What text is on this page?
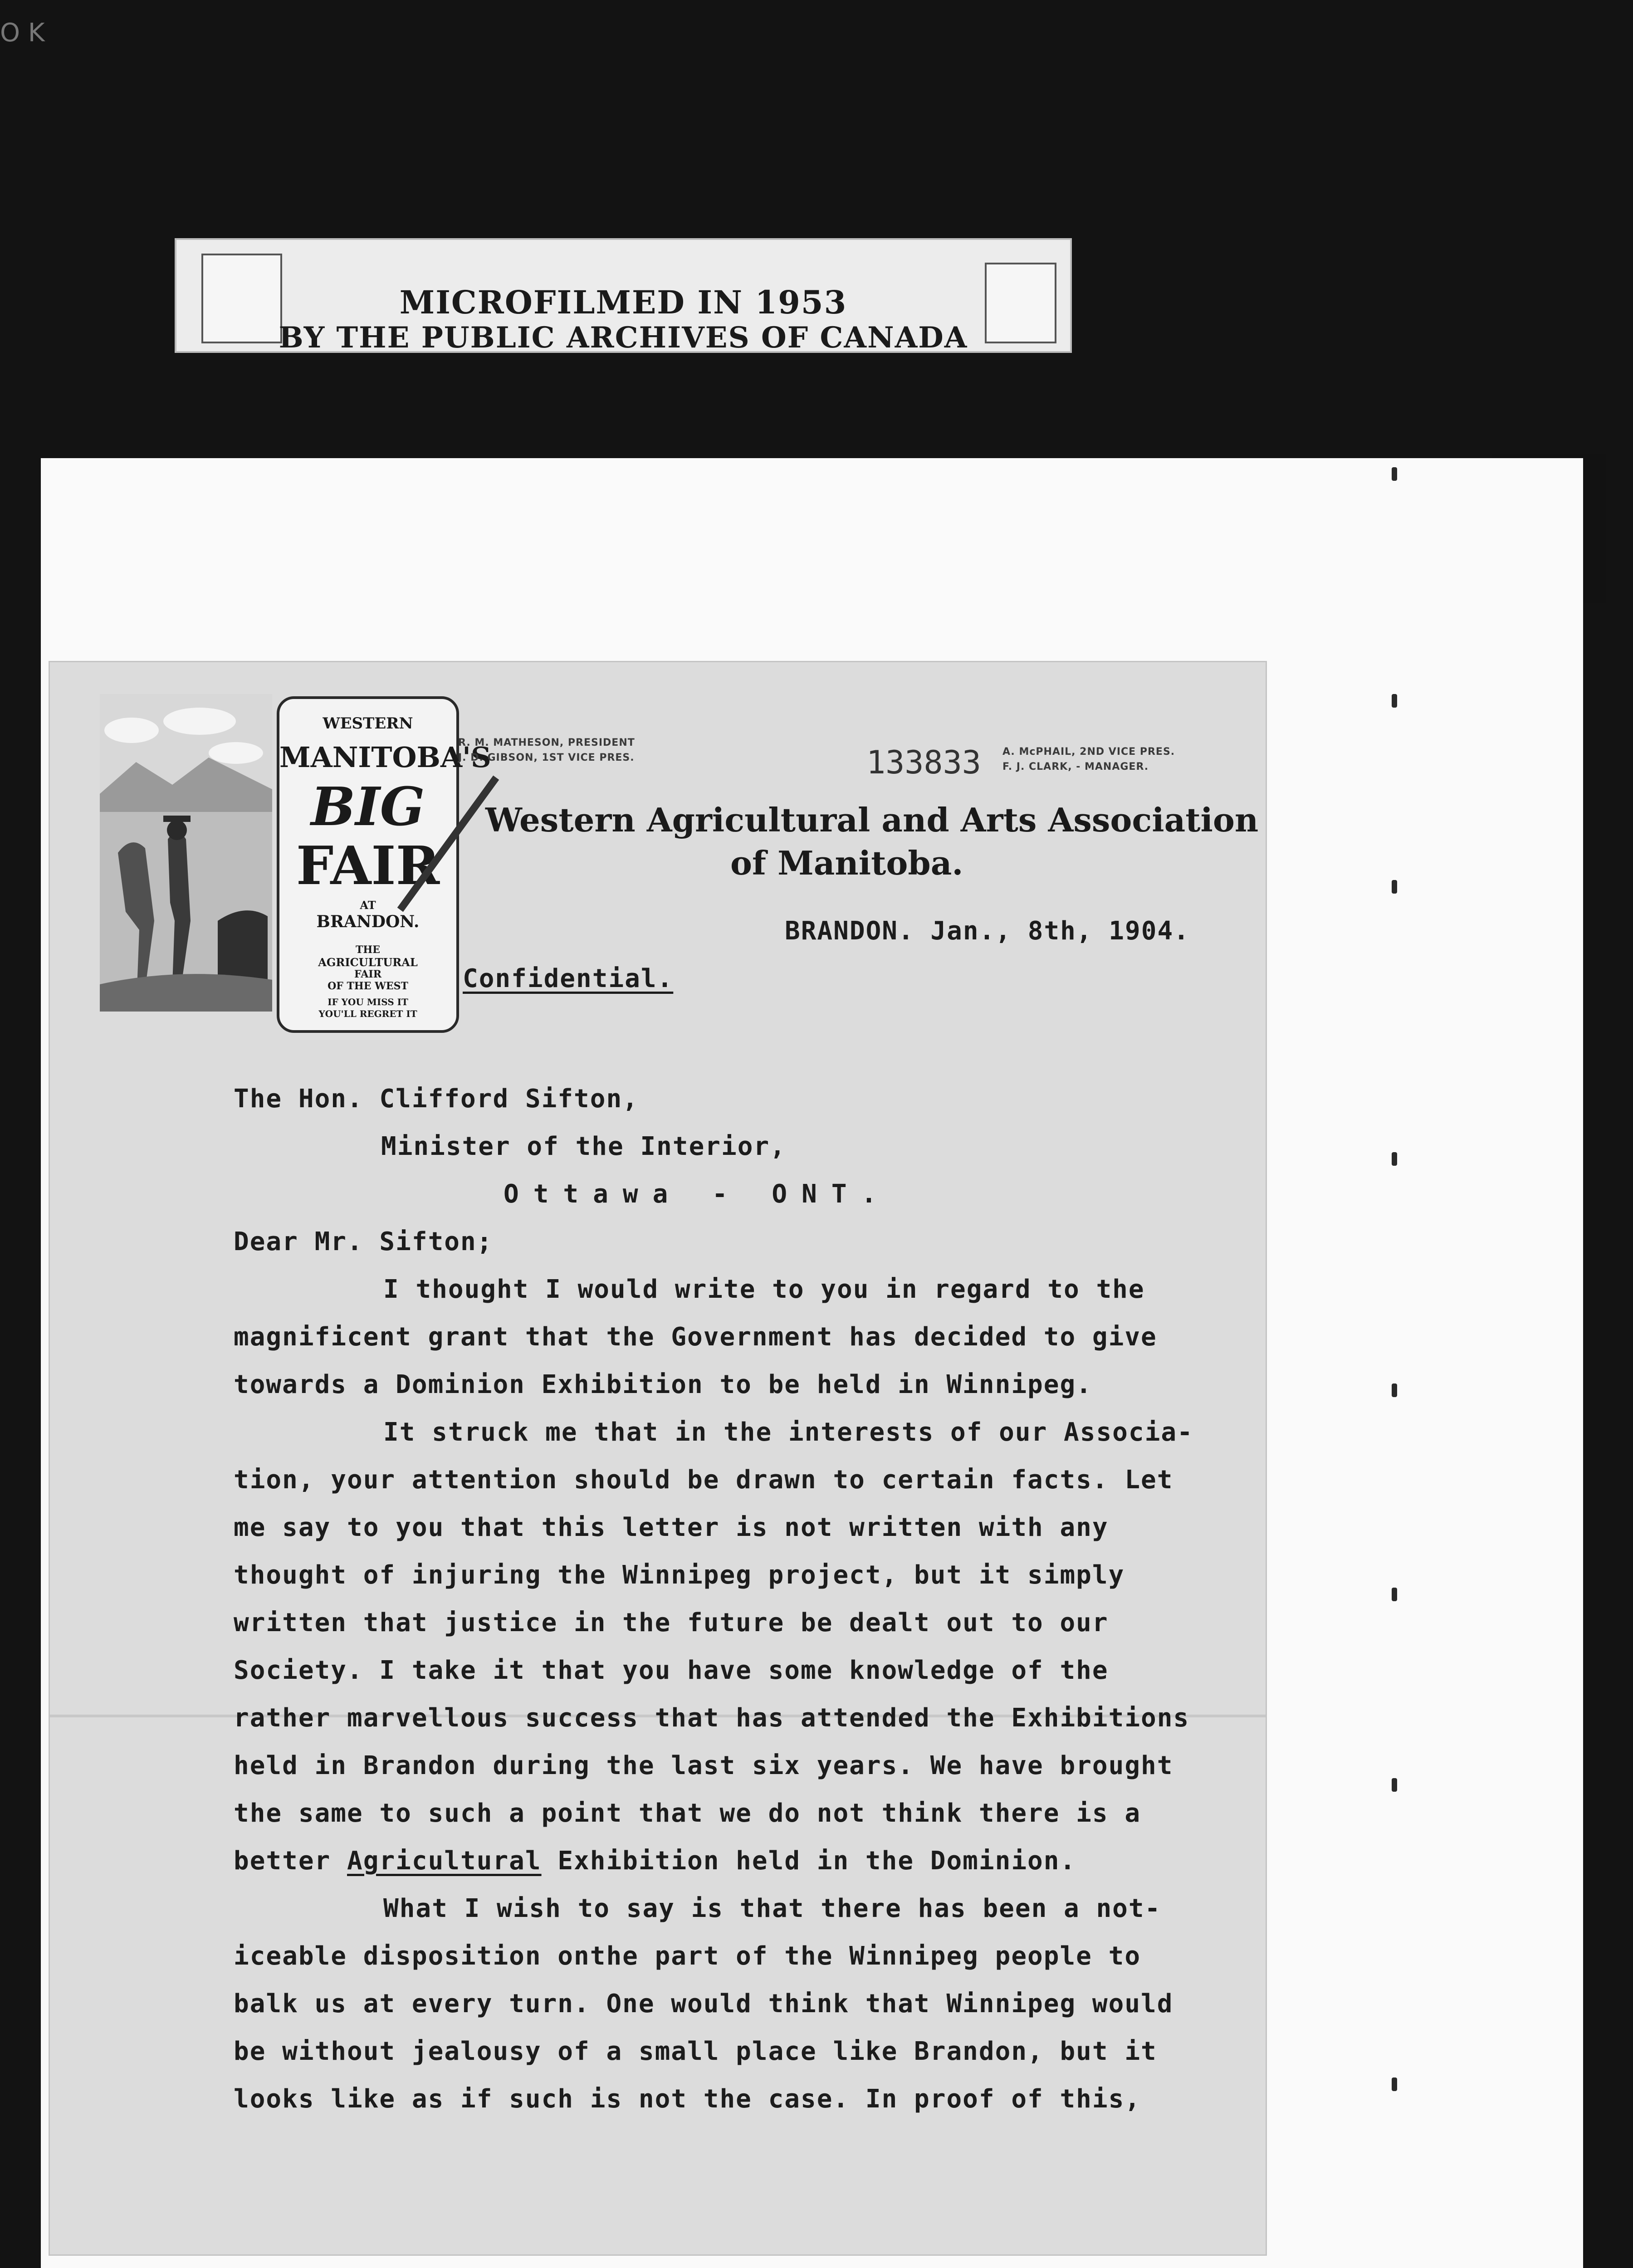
O K
MICROFILMED IN 1953
BY THE PUBLIC ARCHIVES OF CANADA
WESTERN
MANITOBA'S
BIG
FAIR
AT
BRANDON.
THE
AGRICULTURAL
FAIR
OF THE WEST
IF YOU MISS IT
YOU'LL REGRET IT
R. M. MATHESON, PRESIDENT
J. D. GIBSON, 1ST VICE PRES.
A. McPHAIL, 2ND VICE PRES.
F. J. CLARK, - MANAGER.
133833
Western Agricultural and Arts Association
of Manitoba.
BRANDON. Jan., 8th, 1904.
Confidential.
The Hon. Clifford Sifton,
Minister of the Interior,
Ottawa - ONT.
Dear Mr. Sifton;
I thought I would write to you in regard to the
magnificent grant that the Government has decided to give
towards a Dominion Exhibition to be held in Winnipeg.
It struck me that in the interests of our Associa-
tion, your attention should be drawn to certain facts. Let
me say to you that this letter is not written with any
thought of injuring the Winnipeg project, but it simply
written that justice in the future be dealt out to our
Society. I take it that you have some knowledge of the
rather marvellous success that has attended the Exhibitions
held in Brandon during the last six years. We have brought
the same to such a point that we do not think there is a
better Agricultural Exhibition held in the Dominion.
What I wish to say is that there has been a not-
iceable disposition onthe part of the Winnipeg people to
balk us at every turn. One would think that Winnipeg would
be without jealousy of a small place like Brandon, but it
looks like as if such is not the case. In proof of this,
